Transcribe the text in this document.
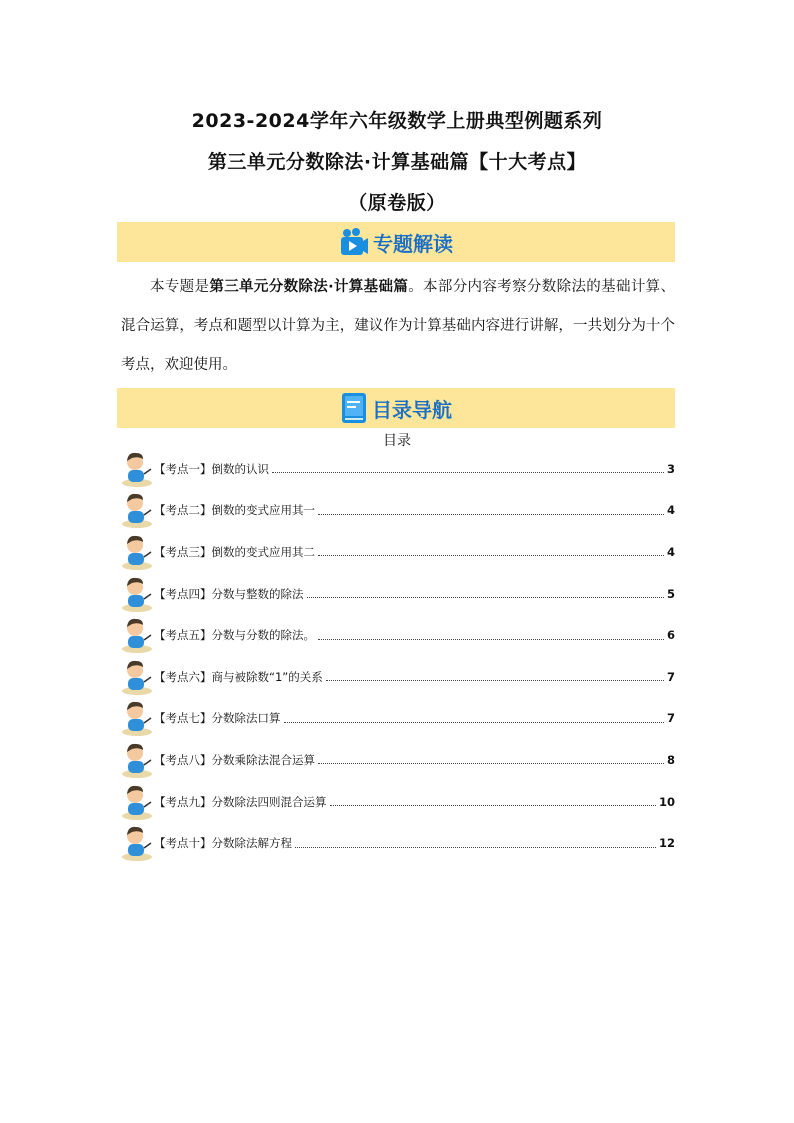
2023-2024学年六年级数学上册典型例题系列
第三单元分数除法·计算基础篇【十大考点】
（原卷版）
专题解读
本专题是第三单元分数除法·计算基础篇。本部分内容考察分数除法的基础计算、混合运算，考点和题型以计算为主，建议作为计算基础内容进行讲解，一共划分为十个考点，欢迎使用。
目录导航
目录
【考点一】倒数的认识	3
【考点二】倒数的变式应用其一	4
【考点三】倒数的变式应用其二	4
【考点四】分数与整数的除法	5
【考点五】分数与分数的除法。	6
【考点六】商与被除数“1”的关系	7
【考点七】分数除法口算	7
【考点八】分数乘除法混合运算	8
【考点九】分数除法四则混合运算	10
【考点十】分数除法解方程	12
